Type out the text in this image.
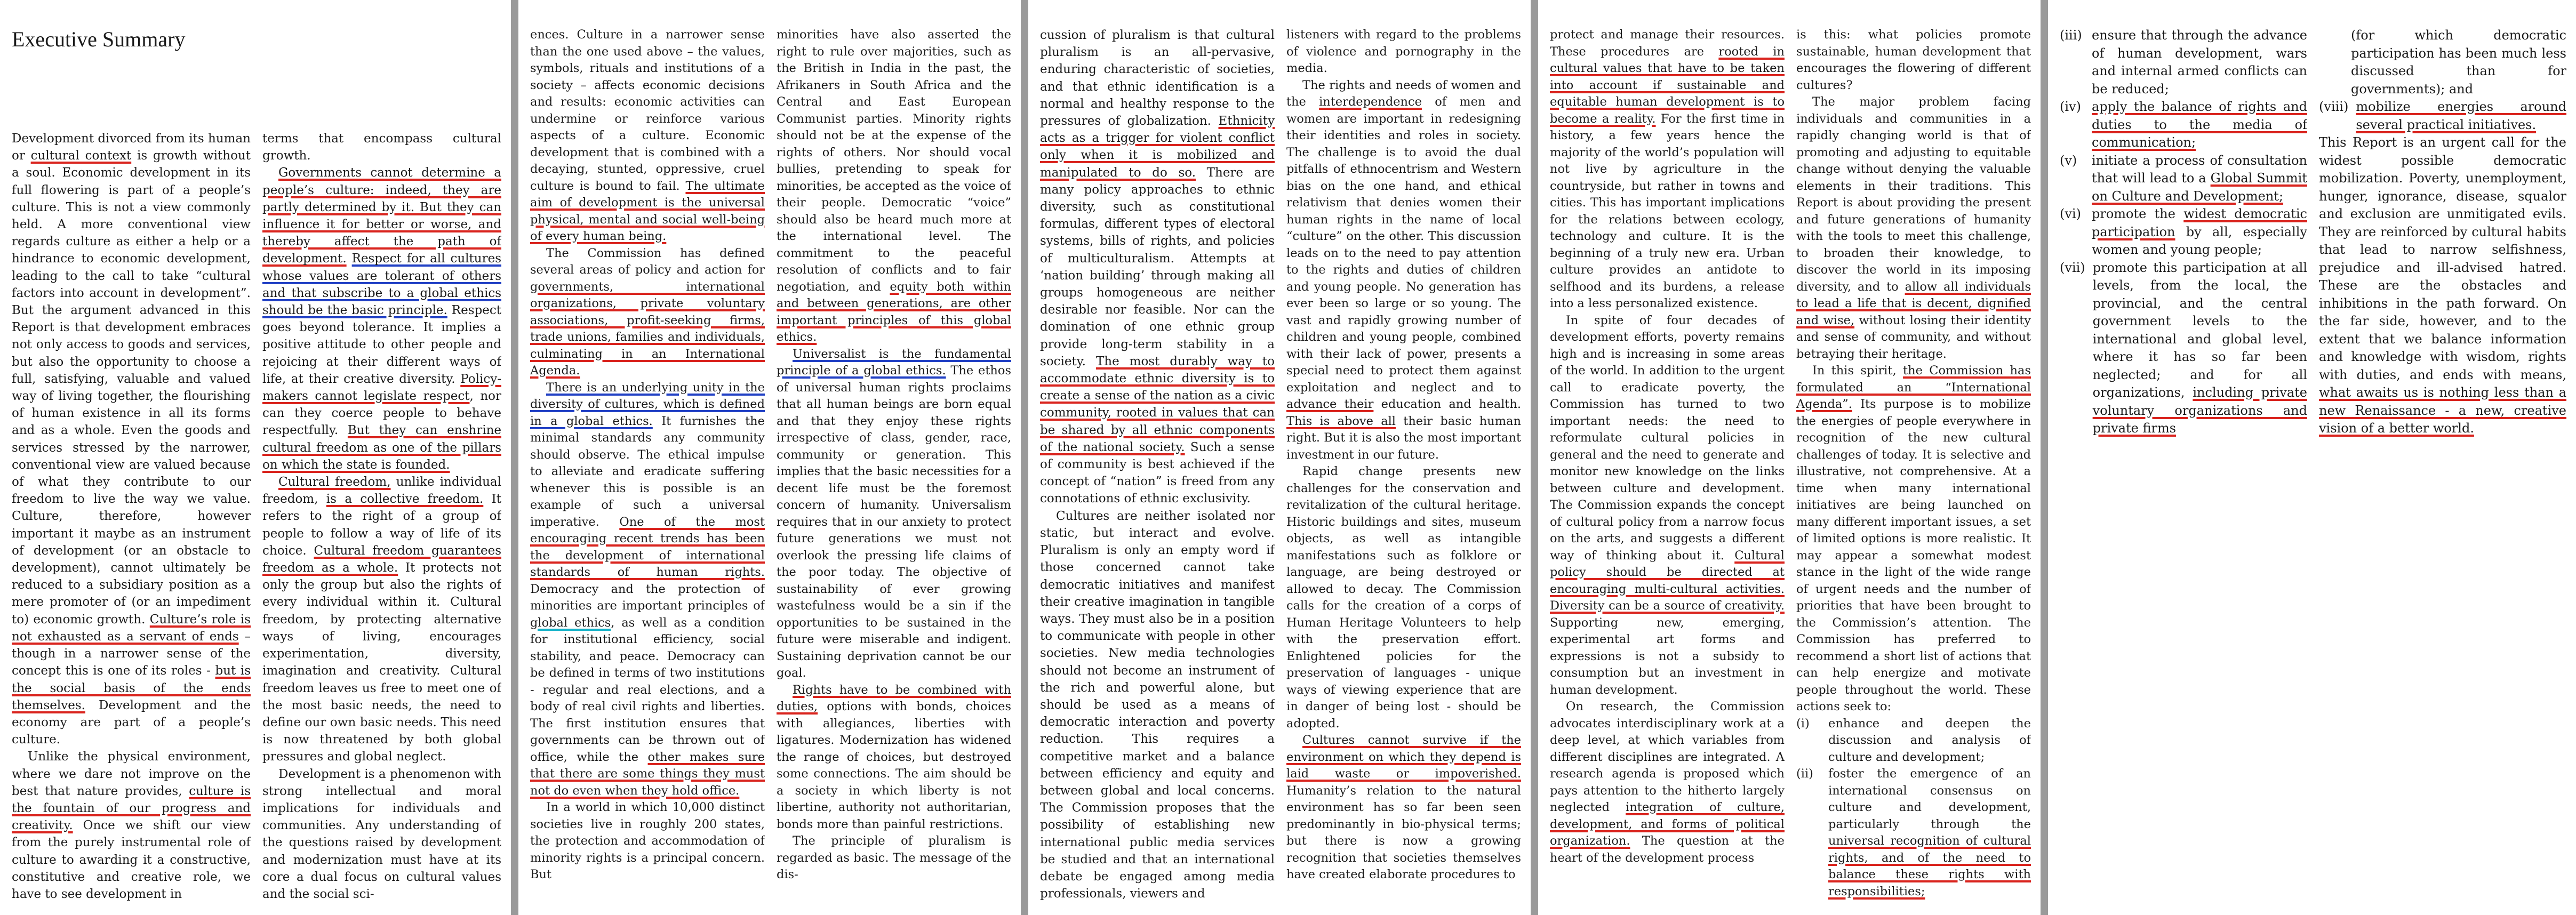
Executive Summary

Development divorced from its human or cultural context is growth without a soul. Economic development in its full flowering is part of a people’s culture. This is not a view commonly held. A more conventional view regards culture as either a help or a hindrance to economic development, leading to the call to take “cultural factors into account in development”. But the argument advanced in this Report is that development embraces not only access to goods and services, but also the opportunity to choose a full, satisfying, valuable and valued way of living together, the flourishing of human existence in all its forms and as a whole. Even the goods and services stressed by the narrower, conventional view are valued because of what they contribute to our freedom to live the way we value. Culture, therefore, however important it maybe as an instrument of development (or an obstacle to development), cannot ultimately be reduced to a subsidiary position as a mere promoter of (or an impediment to) economic growth. Culture’s role is not exhausted as a servant of ends – though in a narrower sense of the concept this is one of its roles - but is the social basis of the ends themselves. Development and the economy are part of a people’s culture.

Unlike the physical environment, where we dare not improve on the best that nature provides, culture is the fountain of our progress and creativity. Once we shift our view from the purely instrumental role of culture to awarding it a constructive, constitutive and creative role, we have to see development in

terms that encompass cultural growth.

Governments cannot determine a people’s culture: indeed, they are partly determined by it. But they can influence it for better or worse, and thereby affect the path of development. Respect for all cultures whose values are tolerant of others and that subscribe to a global ethics should be the basic principle. Respect goes beyond tolerance. It implies a positive attitude to other people and rejoicing at their different ways of life, at their creative diversity. Policy-makers cannot legislate respect, nor can they coerce people to behave respectfully. But they can enshrine cultural freedom as one of the pillars on which the state is founded.

Cultural freedom, unlike individual freedom, is a collective freedom. It refers to the right of a group of people to follow a way of life of its choice. Cultural freedom guarantees freedom as a whole. It protects not only the group but also the rights of every individual within it. Cultural freedom, by protecting alternative ways of living, encourages experimentation, diversity, imagination and creativity. Cultural freedom leaves us free to meet one of the most basic needs, the need to define our own basic needs. This need is now threatened by both global pressures and global neglect.

Development is a phenomenon with strong intellectual and moral implications for individuals and communities. Any understanding of the questions raised by development and modernization must have at its core a dual focus on cultural values and the social sci-

ences. Culture in a narrower sense than the one used above – the values, symbols, rituals and institutions of a society – affects economic decisions and results: economic activities can undermine or reinforce various aspects of a culture. Economic development that is combined with a decaying, stunted, oppressive, cruel culture is bound to fail. The ultimate aim of development is the universal physical, mental and social well-being of every human being.

The Commission has defined several areas of policy and action for governments, international organizations, private voluntary associations, profit-seeking firms, trade unions, families and individuals, culminating in an International Agenda.

There is an underlying unity in the diversity of cultures, which is defined in a global ethics. It furnishes the minimal standards any community should observe. The ethical impulse to alleviate and eradicate suffering whenever this is possible is an example of such a universal imperative. One of the most encouraging recent trends has been the development of international standards of human rights. Democracy and the protection of minorities are important principles of global ethics, as well as a condition for institutional efficiency, social stability, and peace. Democracy can be defined in terms of two institutions - regular and real elections, and a body of real civil rights and liberties. The first institution ensures that governments can be thrown out of office, while the other makes sure that there are some things they must not do even when they hold office.

In a world in which 10,000 distinct societies live in roughly 200 states, the protection and accommodation of minority rights is a principal concern. But

minorities have also asserted the right to rule over majorities, such as the British in India in the past, the Afrikaners in South Africa and the Central and East European Communist parties. Minority rights should not be at the expense of the rights of others. Nor should vocal bullies, pretending to speak for minorities, be accepted as the voice of their people. Democratic “voice” should also be heard much more at the international level. The commitment to the peaceful resolution of conflicts and to fair negotiation, and equity both within and between generations, are other important principles of this global ethics.

Universalist is the fundamental principle of a global ethics. The ethos of universal human rights proclaims that all human beings are born equal and that they enjoy these rights irrespective of class, gender, race, community or generation. This implies that the basic necessities for a decent life must be the foremost concern of humanity. Universalism requires that in our anxiety to protect future generations we must not overlook the pressing life claims of the poor today. The objective of sustainability of ever growing wastefulness would be a sin if the opportunities to be sustained in the future were miserable and indigent. Sustaining deprivation cannot be our goal.

Rights have to be combined with duties, options with bonds, choices with allegiances, liberties with ligatures. Modernization has widened the range of choices, but destroyed some connections. The aim should be a society in which liberty is not libertine, authority not authoritarian, bonds more than painful restrictions.

The principle of pluralism is regarded as basic. The message of the dis-

cussion of pluralism is that cultural pluralism is an all-pervasive, enduring characteristic of societies, and that ethnic identification is a normal and healthy response to the pressures of globalization. Ethnicity acts as a trigger for violent conflict only when it is mobilized and manipulated to do so. There are many policy approaches to ethnic diversity, such as constitutional formulas, different types of electoral systems, bills of rights, and policies of multiculturalism. Attempts at ‘nation building’ through making all groups homogeneous are neither desirable nor feasible. Nor can the domination of one ethnic group provide long-term stability in a society. The most durably way to accommodate ethnic diversity is to create a sense of the nation as a civic community, rooted in values that can be shared by all ethnic components of the national society. Such a sense of community is best achieved if the concept of “nation” is freed from any connotations of ethnic exclusivity.

Cultures are neither isolated nor static, but interact and evolve. Pluralism is only an empty word if those concerned cannot take democratic initiatives and manifest their creative imagination in tangible ways. They must also be in a position to communicate with people in other societies. New media technologies should not become an instrument of the rich and powerful alone, but should be used as a means of democratic interaction and poverty reduction. This requires a competitive market and a balance between efficiency and equity and between global and local concerns. The Commission proposes that the possibility of establishing new international public media services be studied and that an international debate be engaged among media professionals, viewers and

listeners with regard to the problems of violence and pornography in the media.

The rights and needs of women and the interdependence of men and women are important in redesigning their identities and roles in society. The challenge is to avoid the dual pitfalls of ethnocentrism and Western bias on the one hand, and ethical relativism that denies women their human rights in the name of local “culture” on the other. This discussion leads on to the need to pay attention to the rights and duties of children and young people. No generation has ever been so large or so young. The vast and rapidly growing number of children and young people, combined with their lack of power, presents a special need to protect them against exploitation and neglect and to advance their education and health. This is above all their basic human right. But it is also the most important investment in our future.

Rapid change presents new challenges for the conservation and revitalization of the cultural heritage. Historic buildings and sites, museum objects, as well as intangible manifestations such as folklore or language, are being destroyed or allowed to decay. The Commission calls for the creation of a corps of Human Heritage Volunteers to help with the preservation effort. Enlightened policies for the preservation of languages - unique ways of viewing experience that are in danger of being lost - should be adopted.

Cultures cannot survive if the environment on which they depend is laid waste or impoverished. Humanity’s relation to the natural environment has so far been seen predominantly in bio-physical terms; but there is now a growing recognition that societies themselves have created elaborate procedures to

protect and manage their resources. These procedures are rooted in cultural values that have to be taken into account if sustainable and equitable human development is to become a reality. For the first time in history, a few years hence the majority of the world’s population will not live by agriculture in the countryside, but rather in towns and cities. This has important implications for the relations between ecology, technology and culture. It is the beginning of a truly new era. Urban culture provides an antidote to selfhood and its burdens, a release into a less personalized existence.

In spite of four decades of development efforts, poverty remains high and is increasing in some areas of the world. In addition to the urgent call to eradicate poverty, the Commission has turned to two important needs: the need to reformulate cultural policies in general and the need to generate and monitor new knowledge on the links between culture and development. The Commission expands the concept of cultural policy from a narrow focus on the arts, and suggests a different way of thinking about it. Cultural policy should be directed at encouraging multi-cultural activities. Diversity can be a source of creativity. Supporting new, emerging, experimental art forms and expressions is not a subsidy to consumption but an investment in human development.

On research, the Commission advocates interdisciplinary work at a deep level, at which variables from different disciplines are integrated. A research agenda is proposed which pays attention to the hitherto largely neglected integration of culture, development, and forms of political organization. The question at the heart of the development process

is this: what policies promote sustainable, human development that encourages the flowering of different cultures?

The major problem facing individuals and communities in a rapidly changing world is that of promoting and adjusting to equitable change without denying the valuable elements in their traditions. This Report is about providing the present and future generations of humanity with the tools to meet this challenge, to broaden their knowledge, to discover the world in its imposing diversity, and to allow all individuals to lead a life that is decent, dignified and wise, without losing their identity and sense of community, and without betraying their heritage.

In this spirit, the Commission has formulated an “International Agenda”. Its purpose is to mobilize the energies of people everywhere in recognition of the new cultural challenges of today. It is selective and illustrative, not comprehensive. At a time when many international initiatives are being launched on many different important issues, a set of limited options is more realistic. It may appear a somewhat modest stance in the light of the wide range of urgent needs and the number of priorities that have been brought to the Commission’s attention. The Commission has preferred to recommend a short list of actions that can help energize and motivate people throughout the world. These actions seek to:

(i)	enhance and deepen the discussion and analysis of culture and development;
(ii)	foster the emergence of an international consensus on culture and development, particularly through the universal recognition of cultural rights, and of the need to balance these rights with responsibilities;
(iii) ensure that through the advance of human development, wars and internal armed conflicts can be reduced;
(iv) apply the balance of rights and duties to the media of communication;
(v)	initiate a process of consultation that will lead to a Global Summit on Culture and Development;
(vi) promote the widest democratic participation by all, especially women and young people;
(vii) promote this participation at all levels, from the local, the provincial, and the central government levels to the international and global level, where it has so far been neglected; and for all organizations, including private voluntary organizations and private firms
(for which democratic participation has been much less discussed than for governments); and
(viii) mobilize energies around several practical initiatives.

This Report is an urgent call for the widest possible democratic mobilization. Poverty, unemployment, hunger, ignorance, disease, squalor and exclusion are unmitigated evils. They are reinforced by cultural habits that lead to narrow selfishness, prejudice and ill-advised hatred. These are the obstacles and inhibitions in the path forward. On the far side, however, and to the extent that we balance information and knowledge with wisdom, rights with duties, and ends with means, what awaits us is nothing less than a new Renaissance - a new, creative vision of a better world.
